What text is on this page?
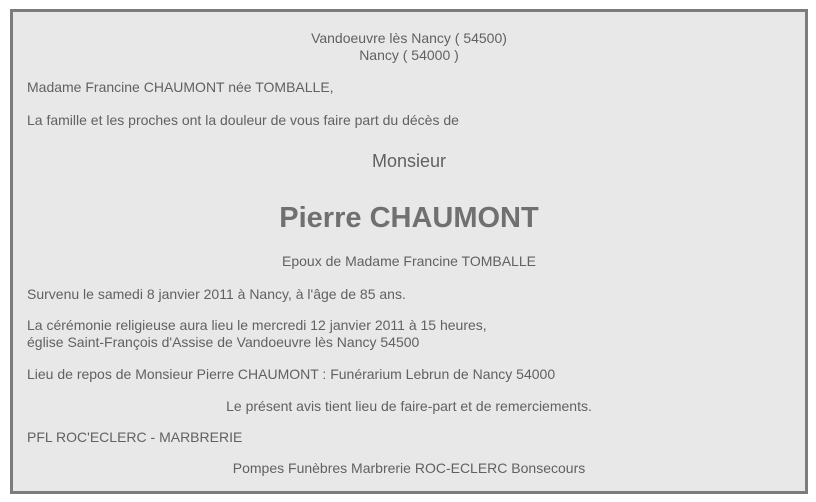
Vandoeuvre lès Nancy ( 54500)
Nancy ( 54000 )
Madame Francine CHAUMONT née TOMBALLE,
La famille et les proches ont la douleur de vous faire part du décès de
Monsieur
Pierre CHAUMONT
Epoux de Madame Francine TOMBALLE
Survenu le samedi 8 janvier 2011 à Nancy, à l'âge de 85 ans.
La cérémonie religieuse aura lieu le mercredi 12 janvier 2011 à 15 heures,
église Saint-François d'Assise de Vandoeuvre lès Nancy 54500
Lieu de repos de Monsieur Pierre CHAUMONT : Funérarium Lebrun de Nancy 54000
Le présent avis tient lieu de faire-part et de remerciements.
PFL ROC'ECLERC - MARBRERIE
Pompes Funèbres Marbrerie ROC-ECLERC Bonsecours
